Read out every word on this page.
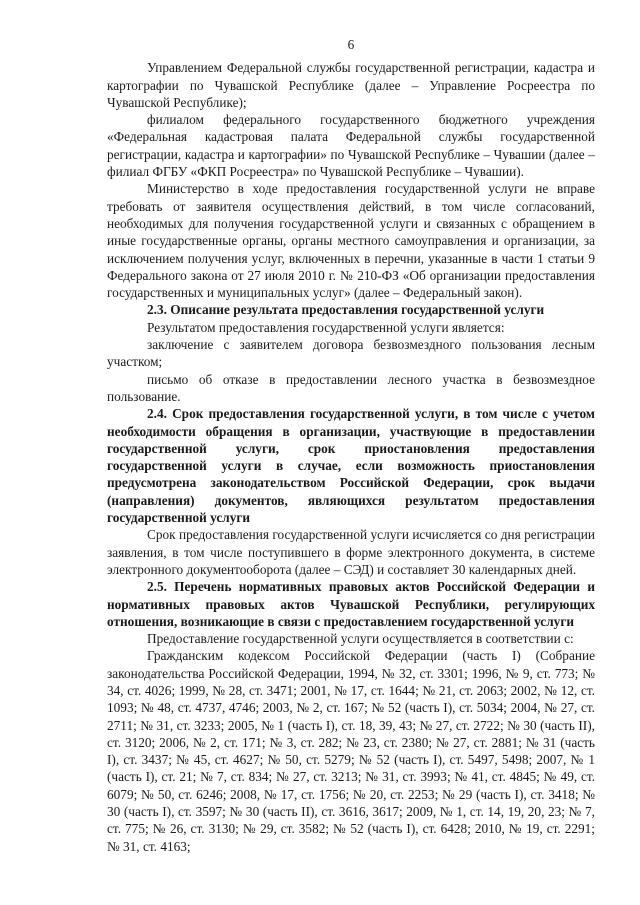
6

Управлением Федеральной службы государственной регистрации, кадастра и картографии по Чувашской Республике (далее – Управление Росреестра по Чувашской Республике);

филиалом федерального государственного бюджетного учреждения «Федеральная кадастровая палата Федеральной службы государственной регистрации, кадастра и картографии» по Чувашской Республике – Чувашии (далее – филиал ФГБУ «ФКП Росреестра» по Чувашской Республике – Чувашии).

Министерство в ходе предоставления государственной услуги не вправе требовать от заявителя осуществления действий, в том числе согласований, необходимых для получения государственной услуги и связанных с обращением в иные государственные органы, органы местного самоуправления и организации, за исключением получения услуг, включенных в перечни, указанные в части 1 статьи 9 Федерального закона от 27 июля 2010 г. № 210-ФЗ «Об организации предоставления государственных и муниципальных услуг» (далее – Федеральный закон).

2.3. Описание результата предоставления государственной услуги

Результатом предоставления государственной услуги является:

заключение с заявителем договора безвозмездного пользования лесным участком;

письмо об отказе в предоставлении лесного участка в безвозмездное пользование.

2.4. Срок предоставления государственной услуги, в том числе с учетом необходимости обращения в организации, участвующие в предоставлении государственной услуги, срок приостановления предоставления государственной услуги в случае, если возможность приостановления предусмотрена законодательством Российской Федерации, срок выдачи (направления) документов, являющихся результатом предоставления государственной услуги

Срок предоставления государственной услуги исчисляется со дня регистрации заявления, в том числе поступившего в форме электронного документа, в системе электронного документооборота (далее – СЭД) и составляет 30 календарных дней.

2.5. Перечень нормативных правовых актов Российской Федерации и нормативных правовых актов Чувашской Республики, регулирующих отношения, возникающие в связи с предоставлением государственной услуги

Предоставление государственной услуги осуществляется в соответствии с:

Гражданским кодексом Российской Федерации (часть I) (Собрание законодательства Российской Федерации, 1994, № 32, ст. 3301; 1996, № 9, ст. 773; № 34, ст. 4026; 1999, № 28, ст. 3471; 2001, № 17, ст. 1644; № 21, ст. 2063; 2002, № 12, ст. 1093; № 48, ст. 4737, 4746; 2003, № 2, ст. 167; № 52 (часть I), ст. 5034; 2004, № 27, ст. 2711; № 31, ст. 3233; 2005, № 1 (часть I), ст. 18, 39, 43; № 27, ст. 2722; № 30 (часть II), ст. 3120; 2006, № 2, ст. 171; № 3, ст. 282; № 23, ст. 2380; № 27, ст. 2881; № 31 (часть I), ст. 3437; № 45, ст. 4627; № 50, ст. 5279; № 52 (часть I), ст. 5497, 5498; 2007, № 1 (часть I), ст. 21; № 7, ст. 834; № 27, ст. 3213; № 31, ст. 3993; № 41, ст. 4845; № 49, ст. 6079; № 50, ст. 6246; 2008, № 17, ст. 1756; № 20, ст. 2253; № 29 (часть I), ст. 3418; № 30 (часть I), ст. 3597; № 30 (часть II), ст. 3616, 3617; 2009, № 1, ст. 14, 19, 20, 23; № 7, ст. 775; № 26, ст. 3130; № 29, ст. 3582; № 52 (часть I), ст. 6428; 2010, № 19, ст. 2291; № 31, ст. 4163;
